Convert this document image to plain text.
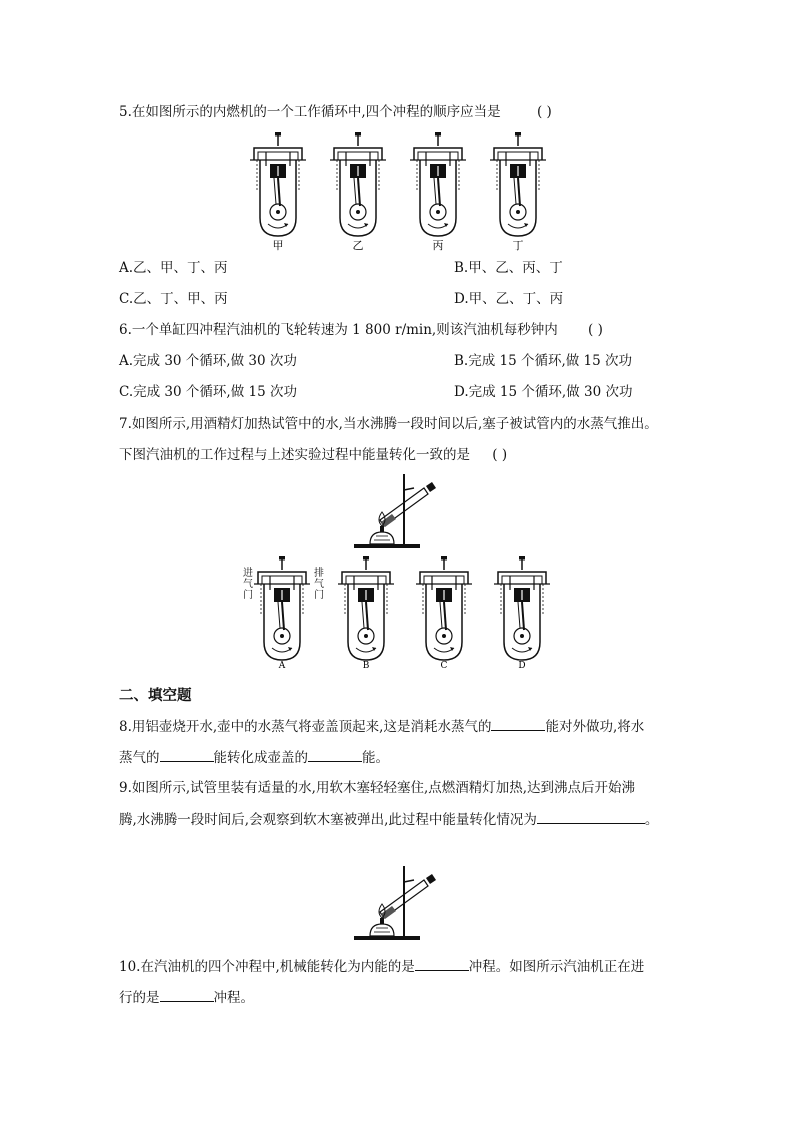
5.在如图所示的内燃机的一个工作循环中,四个冲程的顺序应当是	( )
甲	乙	丙	丁
A.乙、甲、丁、丙	B.甲、乙、丙、丁
C.乙、丁、甲、丙	D.甲、乙、丁、丙
6.一个单缸四冲程汽油机的飞轮转速为 1 800 r/min,则该汽油机每秒钟内 ( )
A.完成 30 个循环,做 30 次功	B.完成 15 个循环,做 15 次功
C.完成 30 个循环,做 15 次功	D.完成 15 个循环,做 30 次功
7.如图所示,用酒精灯加热试管中的水,当水沸腾一段时间以后,塞子被试管内的水蒸气推出。
下图汽油机的工作过程与上述实验过程中能量转化一致的是 ( )
A	B	C	D
进气门
排气门
二、填空题
8.用铝壶烧开水,壶中的水蒸气将壶盖顶起来,这是消耗水蒸气的	能对外做功,将水
蒸气的	能转化成壶盖的	能。
9.如图所示,试管里装有适量的水,用软木塞轻轻塞住,点燃酒精灯加热,达到沸点后开始沸
腾,水沸腾一段时间后,会观察到软木塞被弹出,此过程中能量转化情况为	。
10.在汽油机的四个冲程中,机械能转化为内能的是	冲程。如图所示汽油机正在进
行的是	冲程。
